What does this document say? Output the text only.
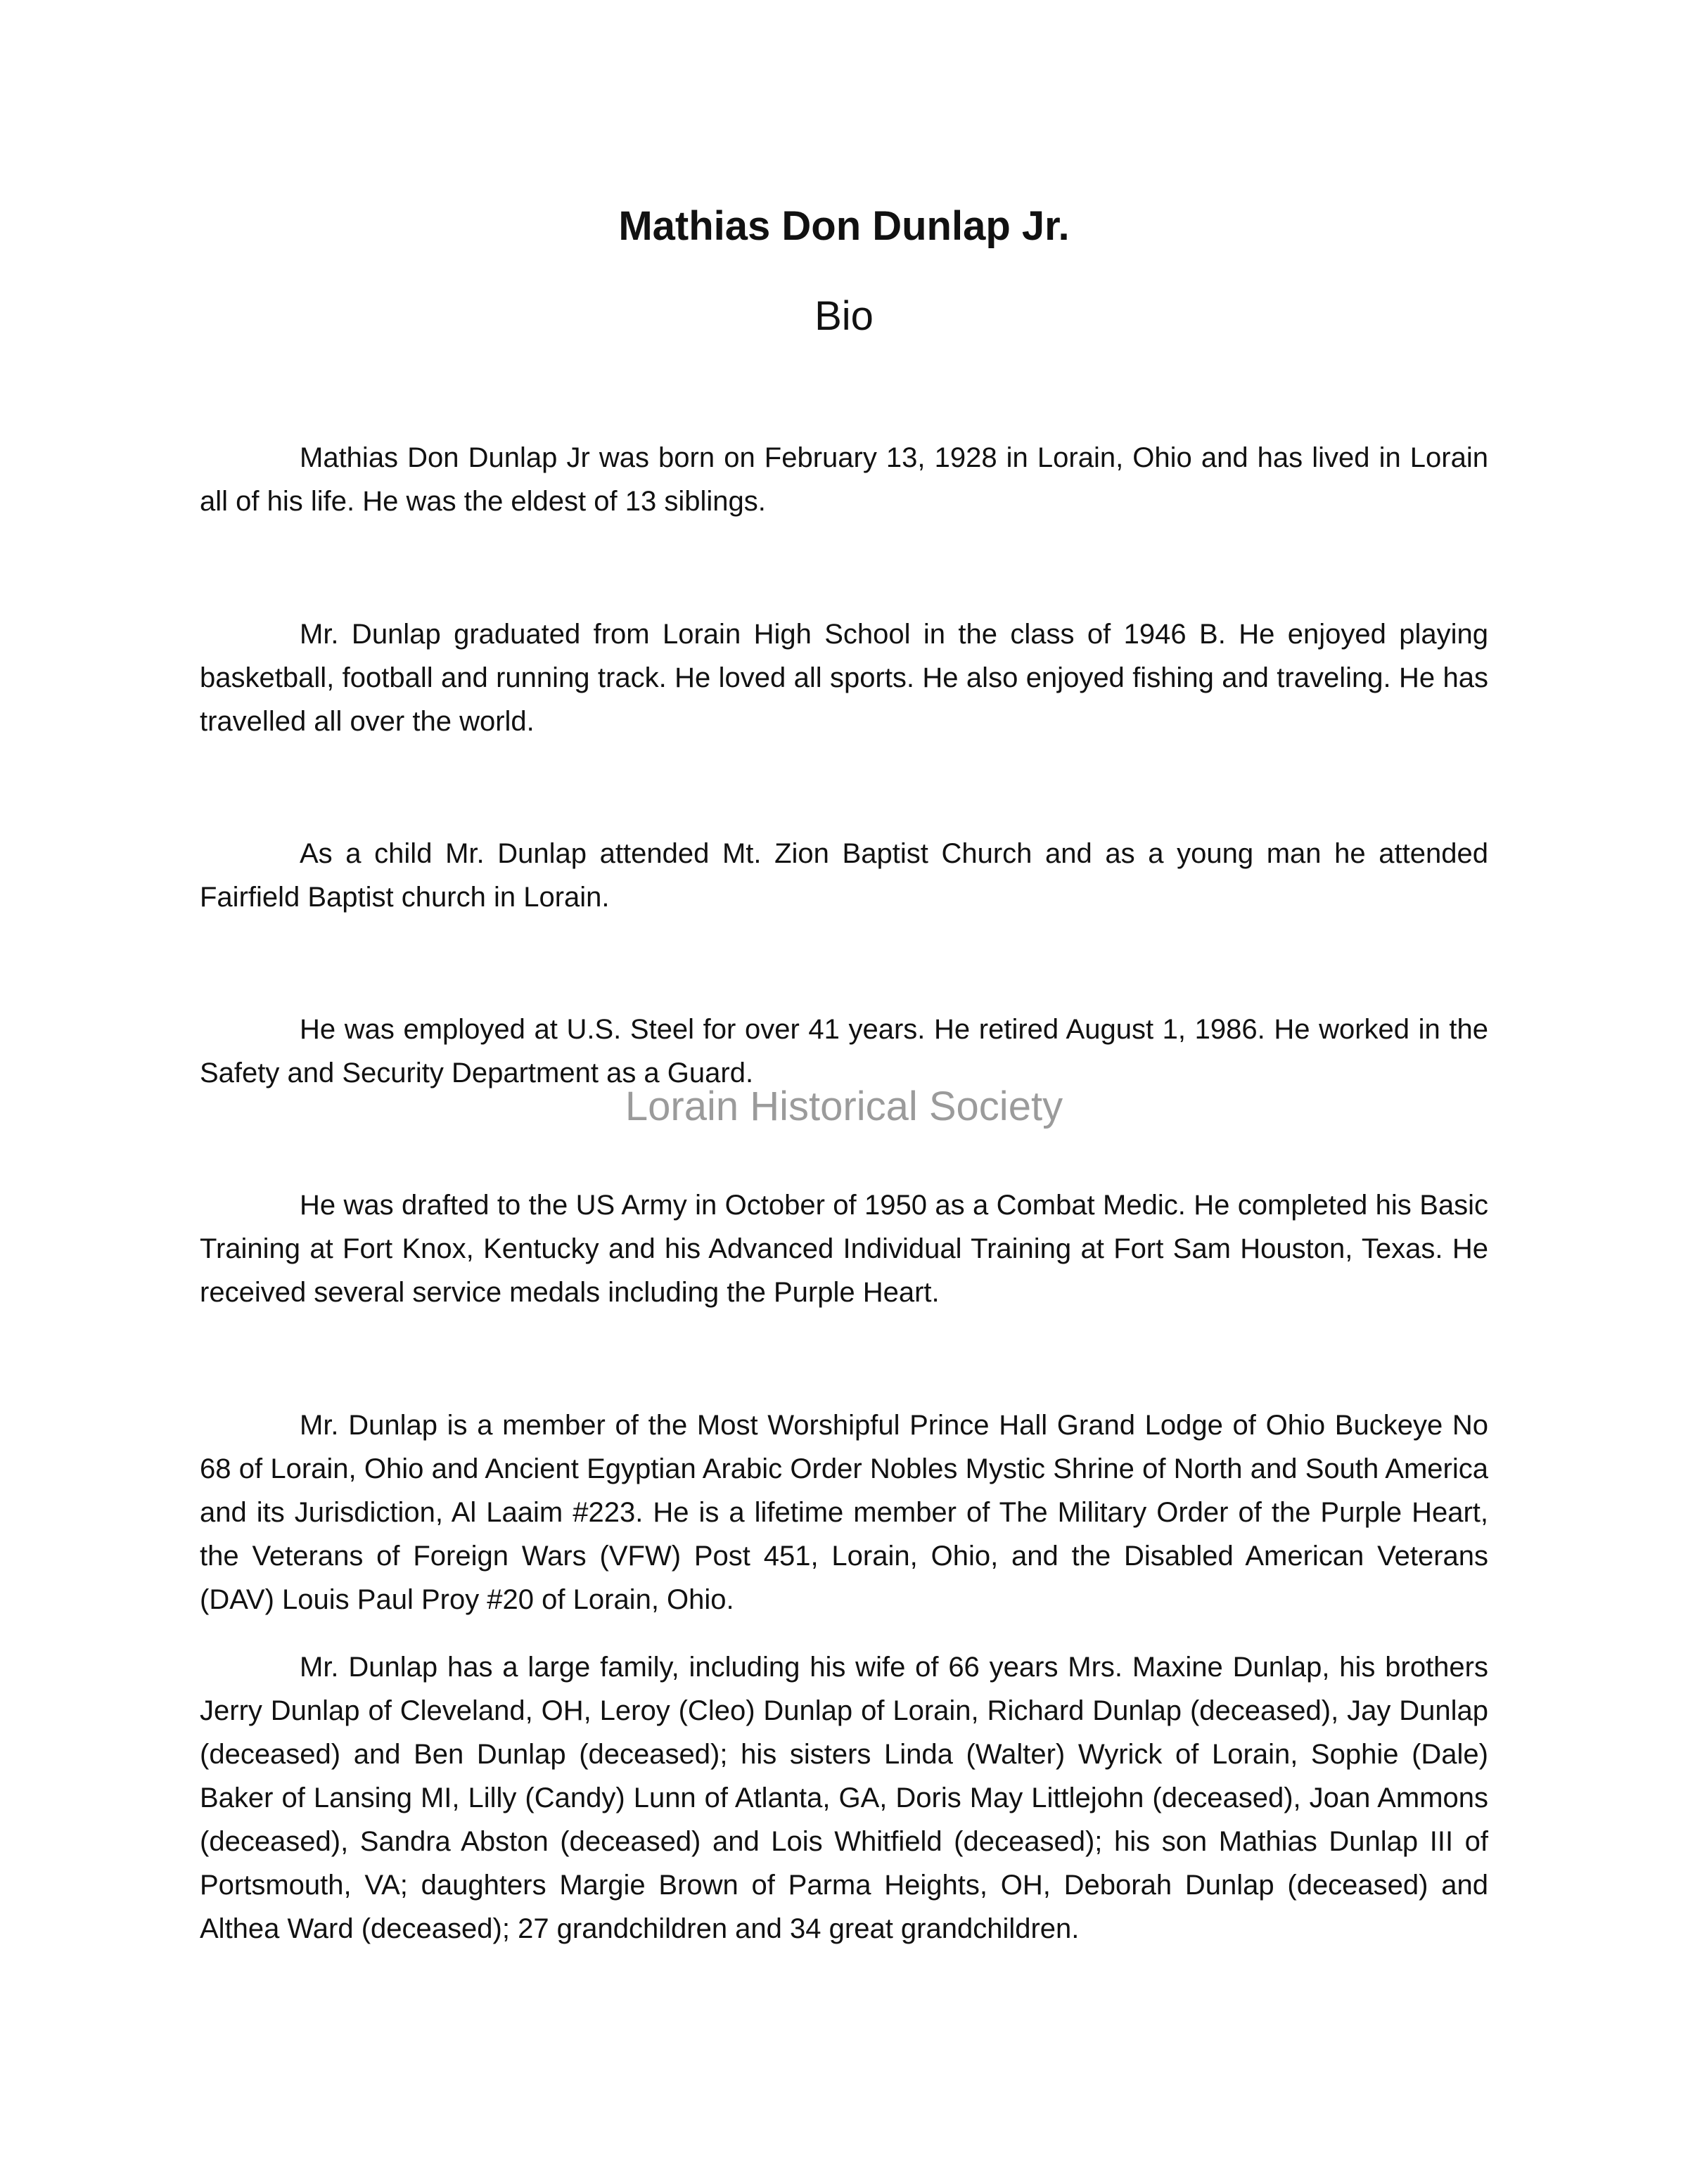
Mathias Don Dunlap Jr.
Bio

Mathias Don Dunlap Jr was born on February 13, 1928 in Lorain, Ohio and has lived in Lorain all of his life. He was the eldest of 13 siblings.

Mr. Dunlap graduated from Lorain High School in the class of 1946 B. He enjoyed playing basketball, football and running track. He loved all sports. He also enjoyed fishing and traveling. He has travelled all over the world.

As a child Mr. Dunlap attended Mt. Zion Baptist Church and as a young man he attended Fairfield Baptist church in Lorain.

He was employed at U.S. Steel for over 41 years. He retired August 1, 1986. He worked in the Safety and Security Department as a Guard.

He was drafted to the US Army in October of 1950 as a Combat Medic. He completed his Basic Training at Fort Knox, Kentucky and his Advanced Individual Training at Fort Sam Houston, Texas. He received several service medals including the Purple Heart.

Mr. Dunlap is a member of the Most Worshipful Prince Hall Grand Lodge of Ohio Buckeye No 68 of Lorain, Ohio and Ancient Egyptian Arabic Order Nobles Mystic Shrine of North and South America and its Jurisdiction, Al Laaim #223. He is a lifetime member of The Military Order of the Purple Heart, the Veterans of Foreign Wars (VFW) Post 451, Lorain, Ohio, and the Disabled American Veterans (DAV) Louis Paul Proy #20 of Lorain, Ohio.

Mr. Dunlap has a large family, including his wife of 66 years Mrs. Maxine Dunlap, his brothers Jerry Dunlap of Cleveland, OH, Leroy (Cleo) Dunlap of Lorain, Richard Dunlap (deceased), Jay Dunlap (deceased) and Ben Dunlap (deceased); his sisters Linda (Walter) Wyrick of Lorain, Sophie (Dale) Baker of Lansing MI, Lilly (Candy) Lunn of Atlanta, GA, Doris May Littlejohn (deceased), Joan Ammons (deceased), Sandra Abston (deceased) and Lois Whitfield (deceased); his son Mathias Dunlap III of Portsmouth, VA; daughters Margie Brown of Parma Heights, OH, Deborah Dunlap (deceased) and Althea Ward (deceased); 27 grandchildren and 34 great grandchildren.

Lorain Historical Society
